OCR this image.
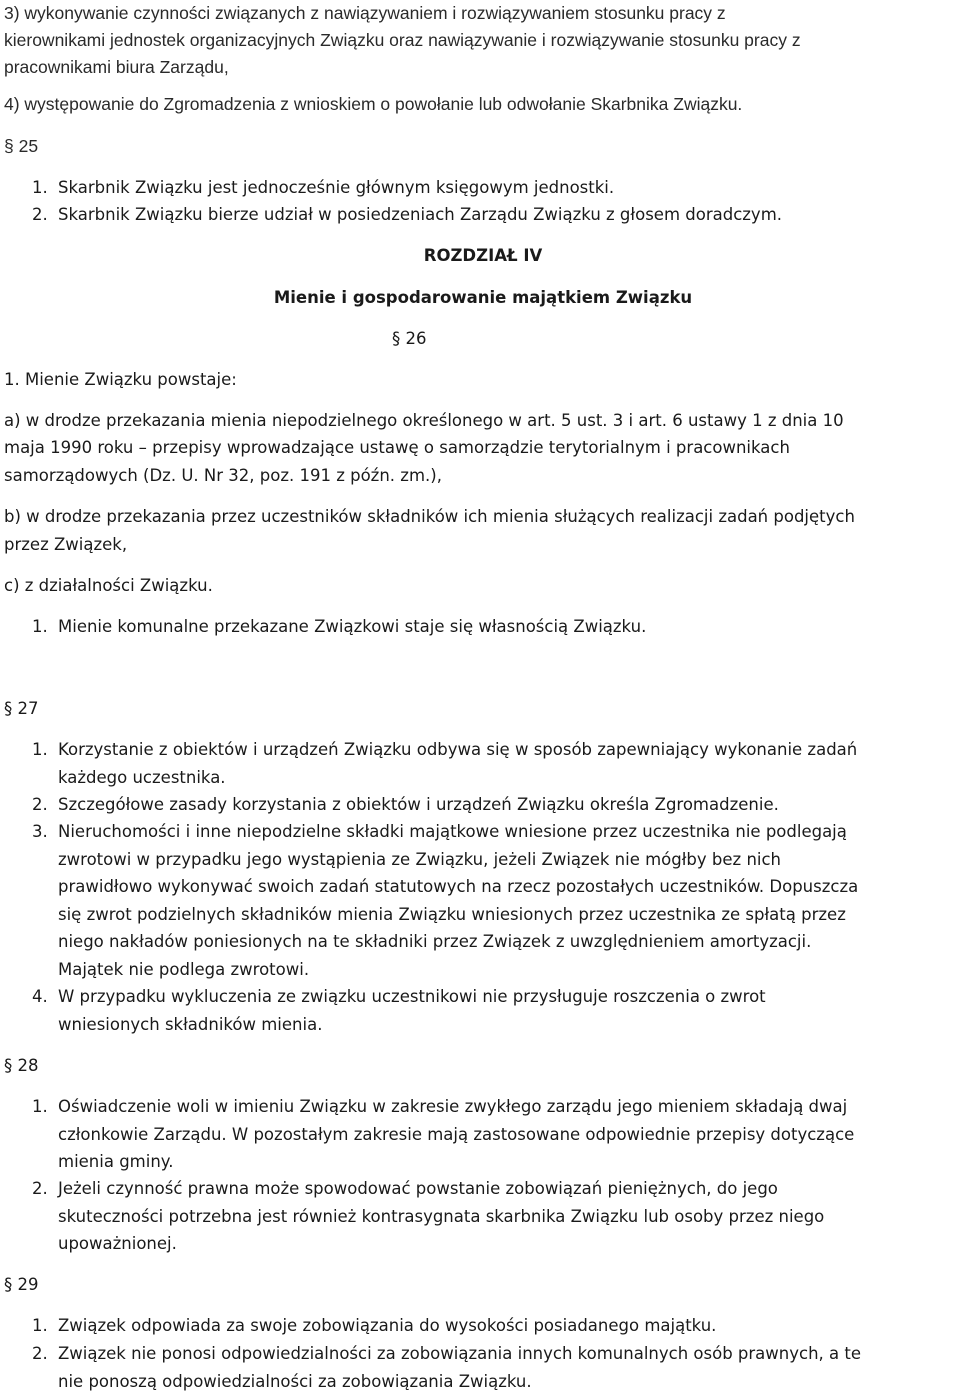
3) wykonywanie czynności związanych z nawiązywaniem i rozwiązywaniem stosunku pracy z
kierownikami jednostek organizacyjnych Związku oraz nawiązywanie i rozwiązywanie stosunku pracy z
pracownikami biura Zarządu,
4) występowanie do Zgromadzenia z wnioskiem o powołanie lub odwołanie Skarbnika Związku.
§ 25
1. Skarbnik Związku jest jednocześnie głównym księgowym jednostki.
2. Skarbnik Związku bierze udział w posiedzeniach Zarządu Związku z głosem doradczym.
ROZDZIAŁ IV
Mienie i gospodarowanie majątkiem Związku
§ 26
1. Mienie Związku powstaje:
a) w drodze przekazania mienia niepodzielnego określonego w art. 5 ust. 3 i art. 6 ustawy 1 z dnia 10
maja 1990 roku – przepisy wprowadzające ustawę o samorządzie terytorialnym i pracownikach
samorządowych (Dz. U. Nr 32, poz. 191 z późn. zm.),
b) w drodze przekazania przez uczestników składników ich mienia służących realizacji zadań podjętych
przez Związek,
c) z działalności Związku.
1. Mienie komunalne przekazane Związkowi staje się własnością Związku.
§ 27
1. Korzystanie z obiektów i urządzeń Związku odbywa się w sposób zapewniający wykonanie zadań
każdego uczestnika.
2. Szczegółowe zasady korzystania z obiektów i urządzeń Związku określa Zgromadzenie.
3. Nieruchomości i inne niepodzielne składki majątkowe wniesione przez uczestnika nie podlegają
zwrotowi w przypadku jego wystąpienia ze Związku, jeżeli Związek nie mógłby bez nich
prawidłowo wykonywać swoich zadań statutowych na rzecz pozostałych uczestników. Dopuszcza
się zwrot podzielnych składników mienia Związku wniesionych przez uczestnika ze spłatą przez
niego nakładów poniesionych na te składniki przez Związek z uwzględnieniem amortyzacji.
Majątek nie podlega zwrotowi.
4. W przypadku wykluczenia ze związku uczestnikowi nie przysługuje roszczenia o zwrot
wniesionych składników mienia.
§ 28
1. Oświadczenie woli w imieniu Związku w zakresie zwykłego zarządu jego mieniem składają dwaj
członkowie Zarządu. W pozostałym zakresie mają zastosowane odpowiednie przepisy dotyczące
mienia gminy.
2. Jeżeli czynność prawna może spowodować powstanie zobowiązań pieniężnych, do jego
skuteczności potrzebna jest również kontrasygnata skarbnika Związku lub osoby przez niego
upoważnionej.
§ 29
1. Związek odpowiada za swoje zobowiązania do wysokości posiadanego majątku.
2. Związek nie ponosi odpowiedzialności za zobowiązania innych komunalnych osób prawnych, a te
nie ponoszą odpowiedzialności za zobowiązania Związku.
